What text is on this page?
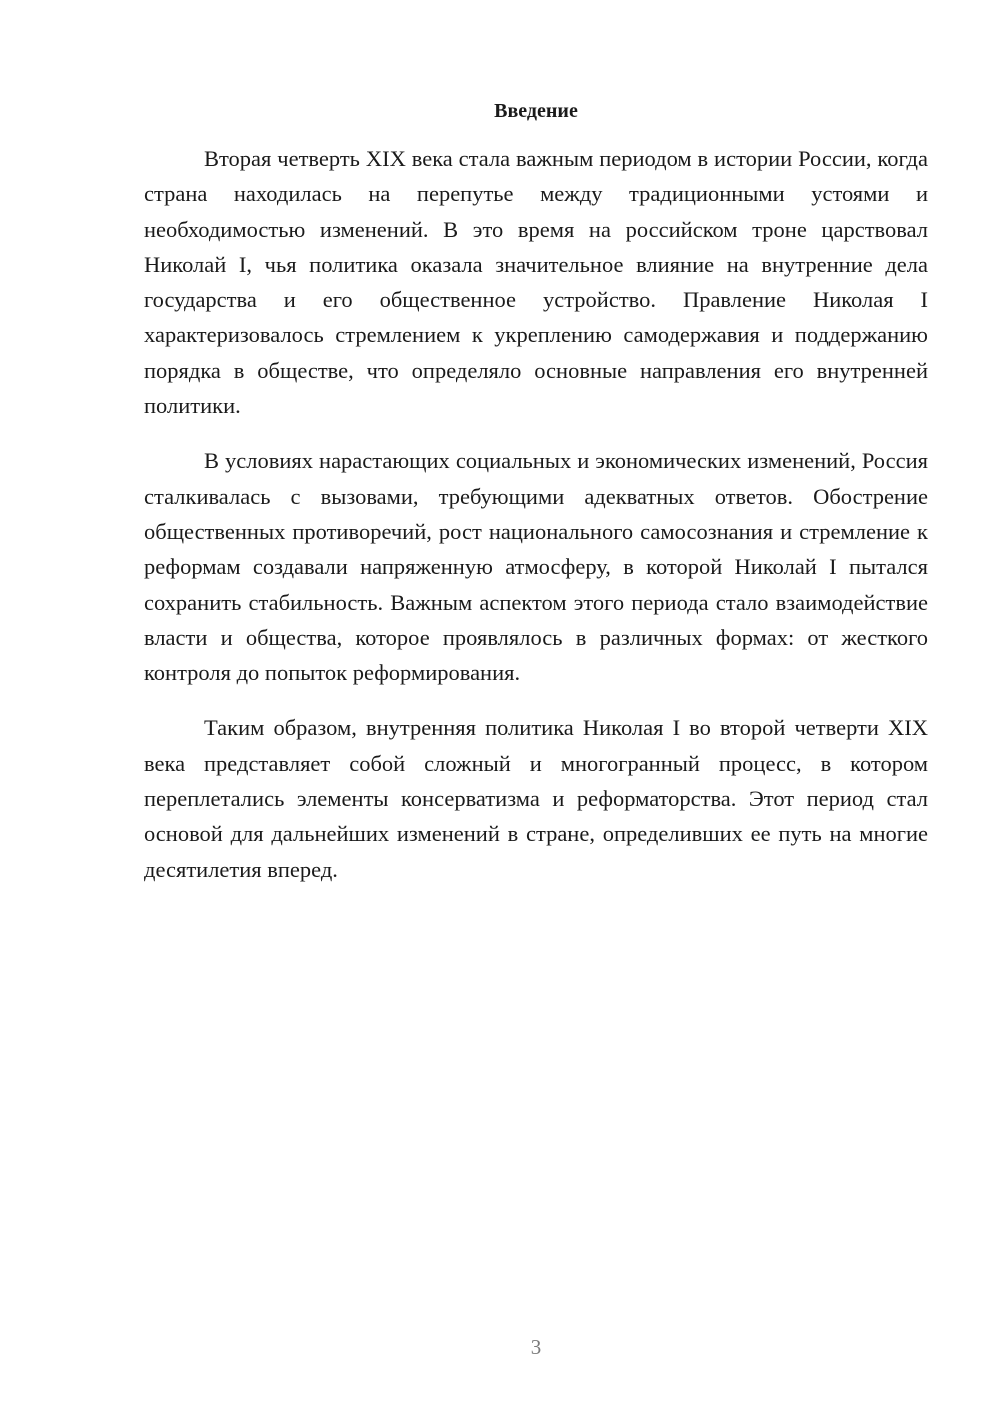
Введение

Вторая четверть XIX века стала важным периодом в истории России, когда страна находилась на перепутье между традиционными устоями и необходимостью изменений. В это время на российском троне царствовал Николай I, чья политика оказала значительное влияние на внутренние дела государства и его общественное устройство. Правление Николая I характеризовалось стремлением к укреплению самодержавия и поддержанию порядка в обществе, что определяло основные направления его внутренней политики.

В условиях нарастающих социальных и экономических изменений, Россия сталкивалась с вызовами, требующими адекватных ответов. Обострение общественных противоречий, рост национального самосознания и стремление к реформам создавали напряженную атмосферу, в которой Николай I пытался сохранить стабильность. Важным аспектом этого периода стало взаимодействие власти и общества, которое проявлялось в различных формах: от жесткого контроля до попыток реформирования.

Таким образом, внутренняя политика Николая I во второй четверти XIX века представляет собой сложный и многогранный процесс, в котором переплетались элементы консерватизма и реформаторства. Этот период стал основой для дальнейших изменений в стране, определивших ее путь на многие десятилетия вперед.

3
